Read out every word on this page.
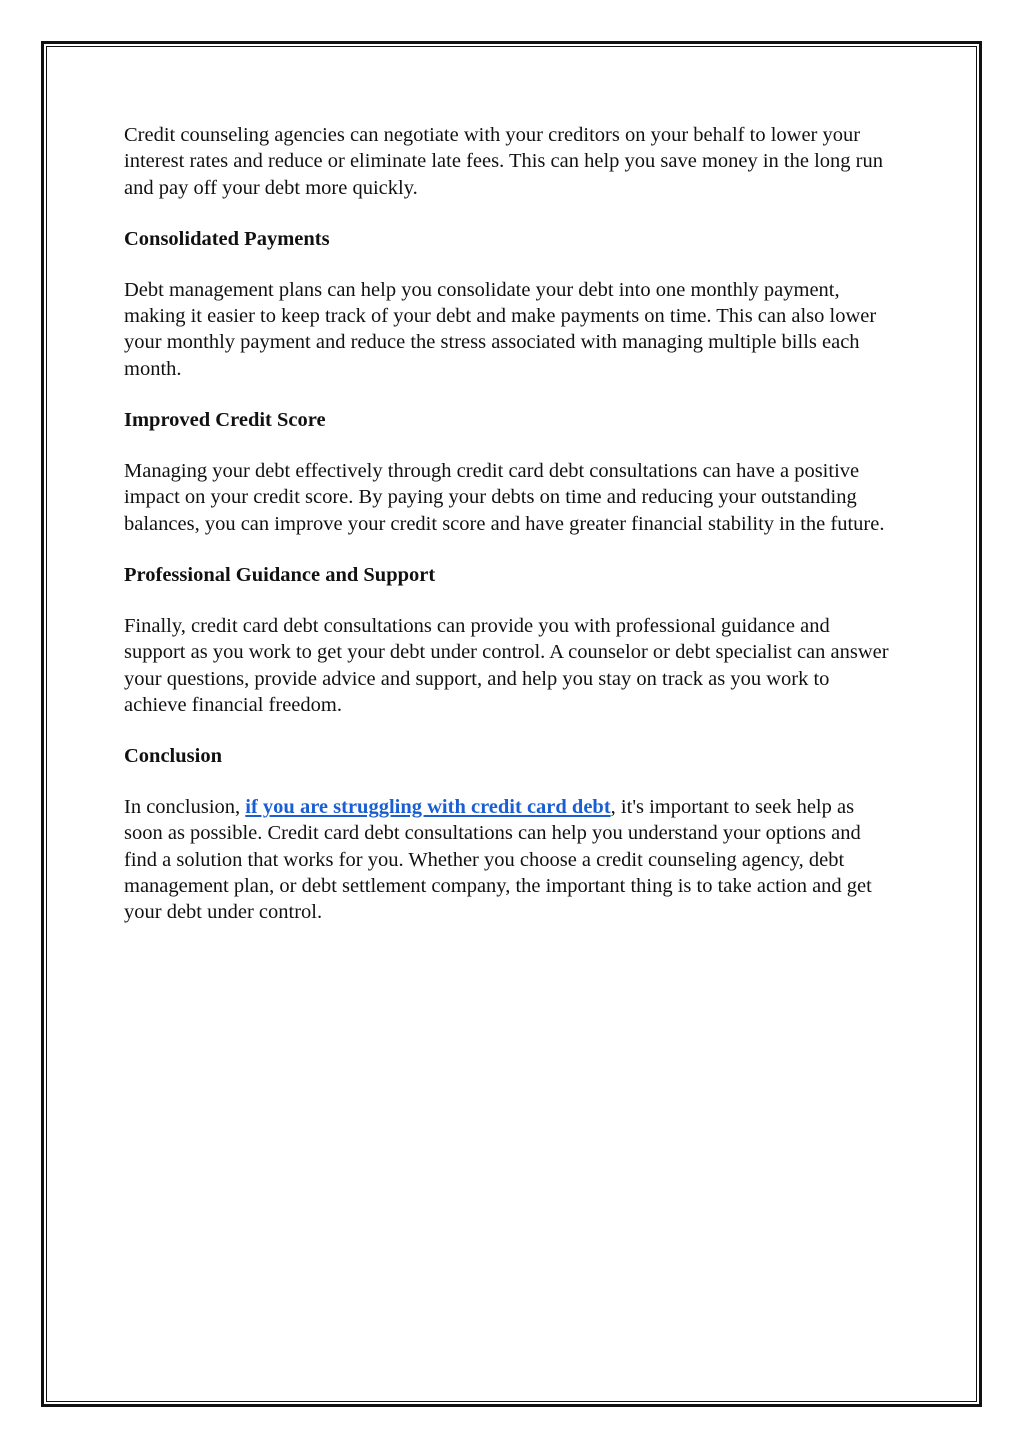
Credit counseling agencies can negotiate with your creditors on your behalf to lower your interest rates and reduce or eliminate late fees. This can help you save money in the long run and pay off your debt more quickly.

Consolidated Payments

Debt management plans can help you consolidate your debt into one monthly payment, making it easier to keep track of your debt and make payments on time. This can also lower your monthly payment and reduce the stress associated with managing multiple bills each month.

Improved Credit Score

Managing your debt effectively through credit card debt consultations can have a positive impact on your credit score. By paying your debts on time and reducing your outstanding balances, you can improve your credit score and have greater financial stability in the future.

Professional Guidance and Support

Finally, credit card debt consultations can provide you with professional guidance and support as you work to get your debt under control. A counselor or debt specialist can answer your questions, provide advice and support, and help you stay on track as you work to achieve financial freedom.

Conclusion

In conclusion, if you are struggling with credit card debt, it's important to seek help as soon as possible. Credit card debt consultations can help you understand your options and find a solution that works for you. Whether you choose a credit counseling agency, debt management plan, or debt settlement company, the important thing is to take action and get your debt under control.
